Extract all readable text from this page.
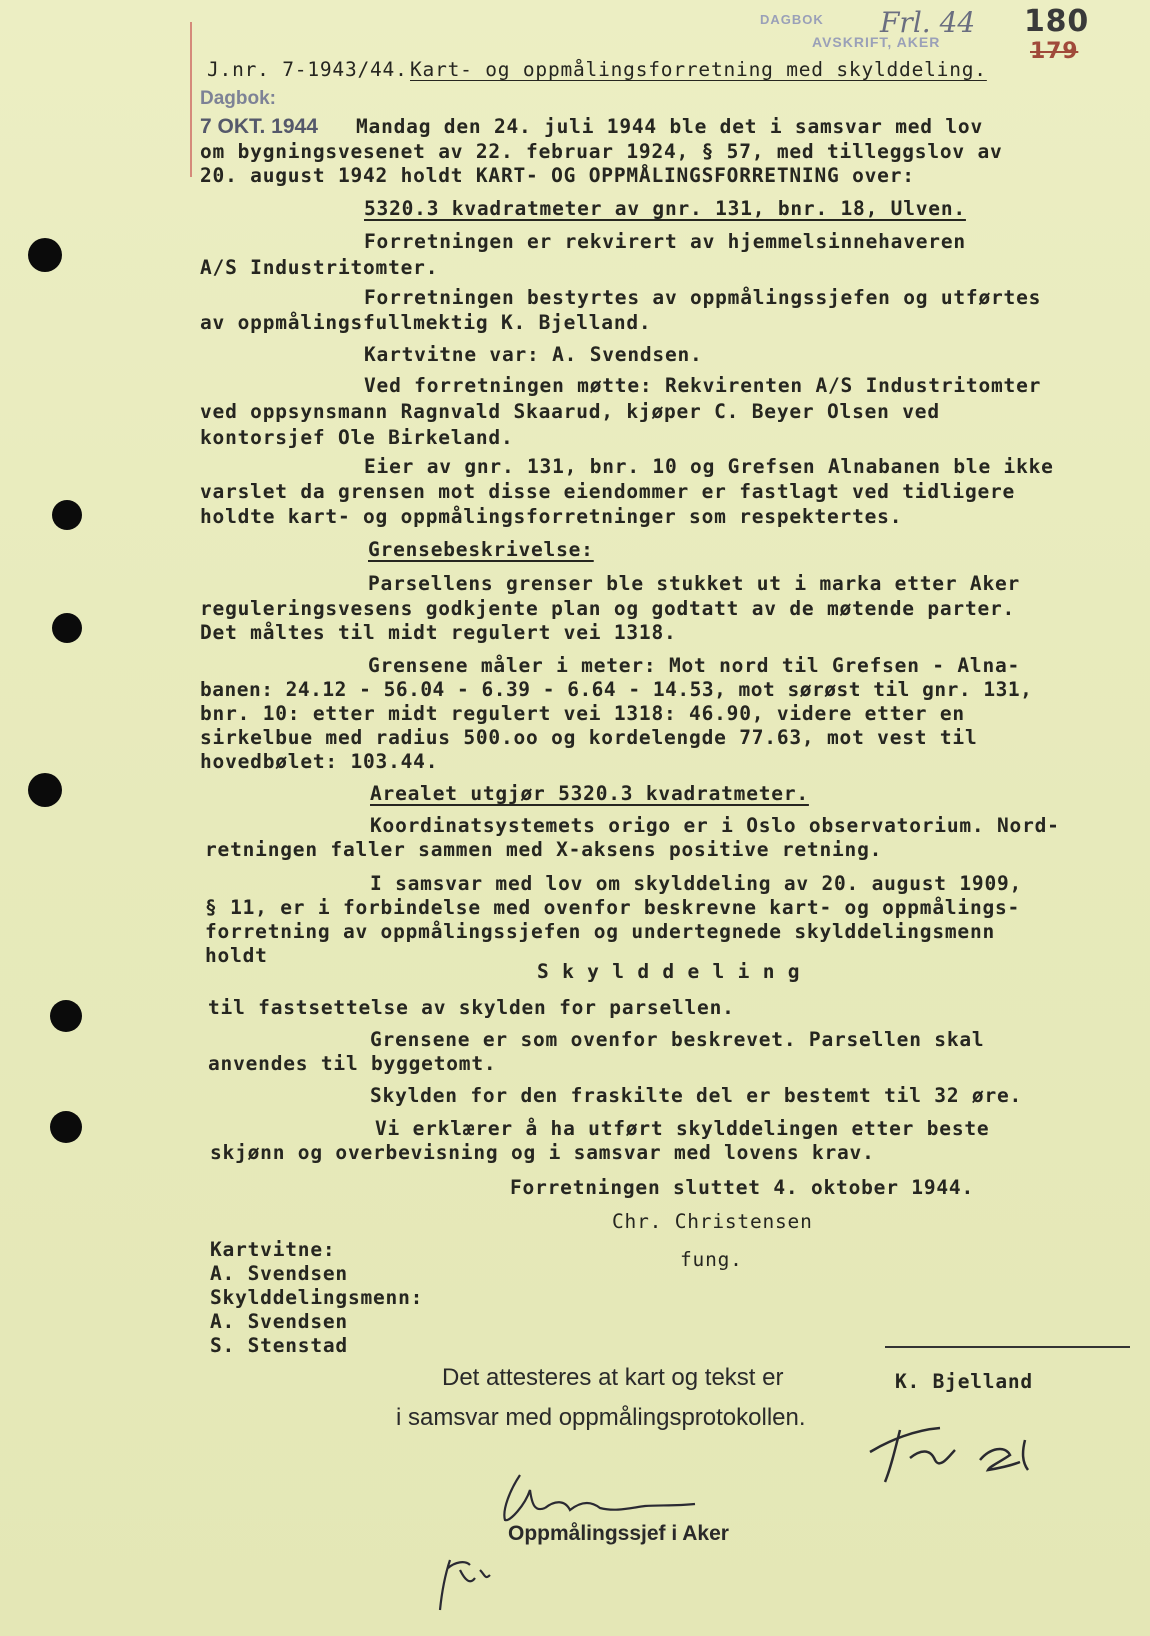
DAGBOK
AVSKRIFT, AKER
Frl. 44 180
179
J.nr. 7-1943/44. Kart- og oppmålingsforretning med skylddeling.
Dagbok:
7 OKT. 1944 Mandag den 24. juli 1944 ble det i samsvar med lov
om bygningsvesenet av 22. februar 1924, § 57, med tilleggslov av
20. august 1942 holdt KART- OG OPPMÅLINGSFORRETNING over:
5320.3 kvadratmeter av gnr. 131, bnr. 18, Ulven.
Forretningen er rekvirert av hjemmelsinnehaveren
A/S Industritomter.
Forretningen bestyrtes av oppmålingssjefen og utførtes
av oppmålingsfullmektig K. Bjelland.
Kartvitne var: A. Svendsen.
Ved forretningen møtte: Rekvirenten A/S Industritomter
ved oppsynsmann Ragnvald Skaarud, kjøper C. Beyer Olsen ved
kontorsjef Ole Birkeland.
Eier av gnr. 131, bnr. 10 og Grefsen Alnabanen ble ikke
varslet da grensen mot disse eiendommer er fastlagt ved tidligere
holdte kart- og oppmålingsforretninger som respektertes.
Grensebeskrivelse:
Parsellens grenser ble stukket ut i marka etter Aker
reguleringsvesens godkjente plan og godtatt av de møtende parter.
Det måltes til midt regulert vei 1318.
Grensene måler i meter: Mot nord til Grefsen - Alna-
banen: 24.12 - 56.04 - 6.39 - 6.64 - 14.53, mot sørøst til gnr. 131,
bnr. 10: etter midt regulert vei 1318: 46.90, videre etter en
sirkelbue med radius 500.oo og kordelengde 77.63, mot vest til
hovedbølet: 103.44.
Arealet utgjør 5320.3 kvadratmeter.
Koordinatsystemets origo er i Oslo observatorium. Nord-
retningen faller sammen med X-aksens positive retning.
I samsvar med lov om skylddeling av 20. august 1909,
§ 11, er i forbindelse med ovenfor beskrevne kart- og oppmålings-
forretning av oppmålingssjefen og undertegnede skylddelingsmenn
holdt
S k y l d d e l i n g
til fastsettelse av skylden for parsellen.
Grensene er som ovenfor beskrevet. Parsellen skal
anvendes til byggetomt.
Skylden for den fraskilte del er bestemt til 32 øre.
Vi erklærer å ha utført skylddelingen etter beste
skjønn og overbevisning og i samsvar med lovens krav.
Forretningen sluttet 4. oktober 1944.
Chr. Christensen
fung.
Kartvitne:
A. Svendsen
Skylddelingsmenn:
A. Svendsen
S. Stenstad
K. Bjelland
Det attesteres at kart og tekst er
i samsvar med oppmålingsprotokollen.
Oppmålingssjef i Aker
